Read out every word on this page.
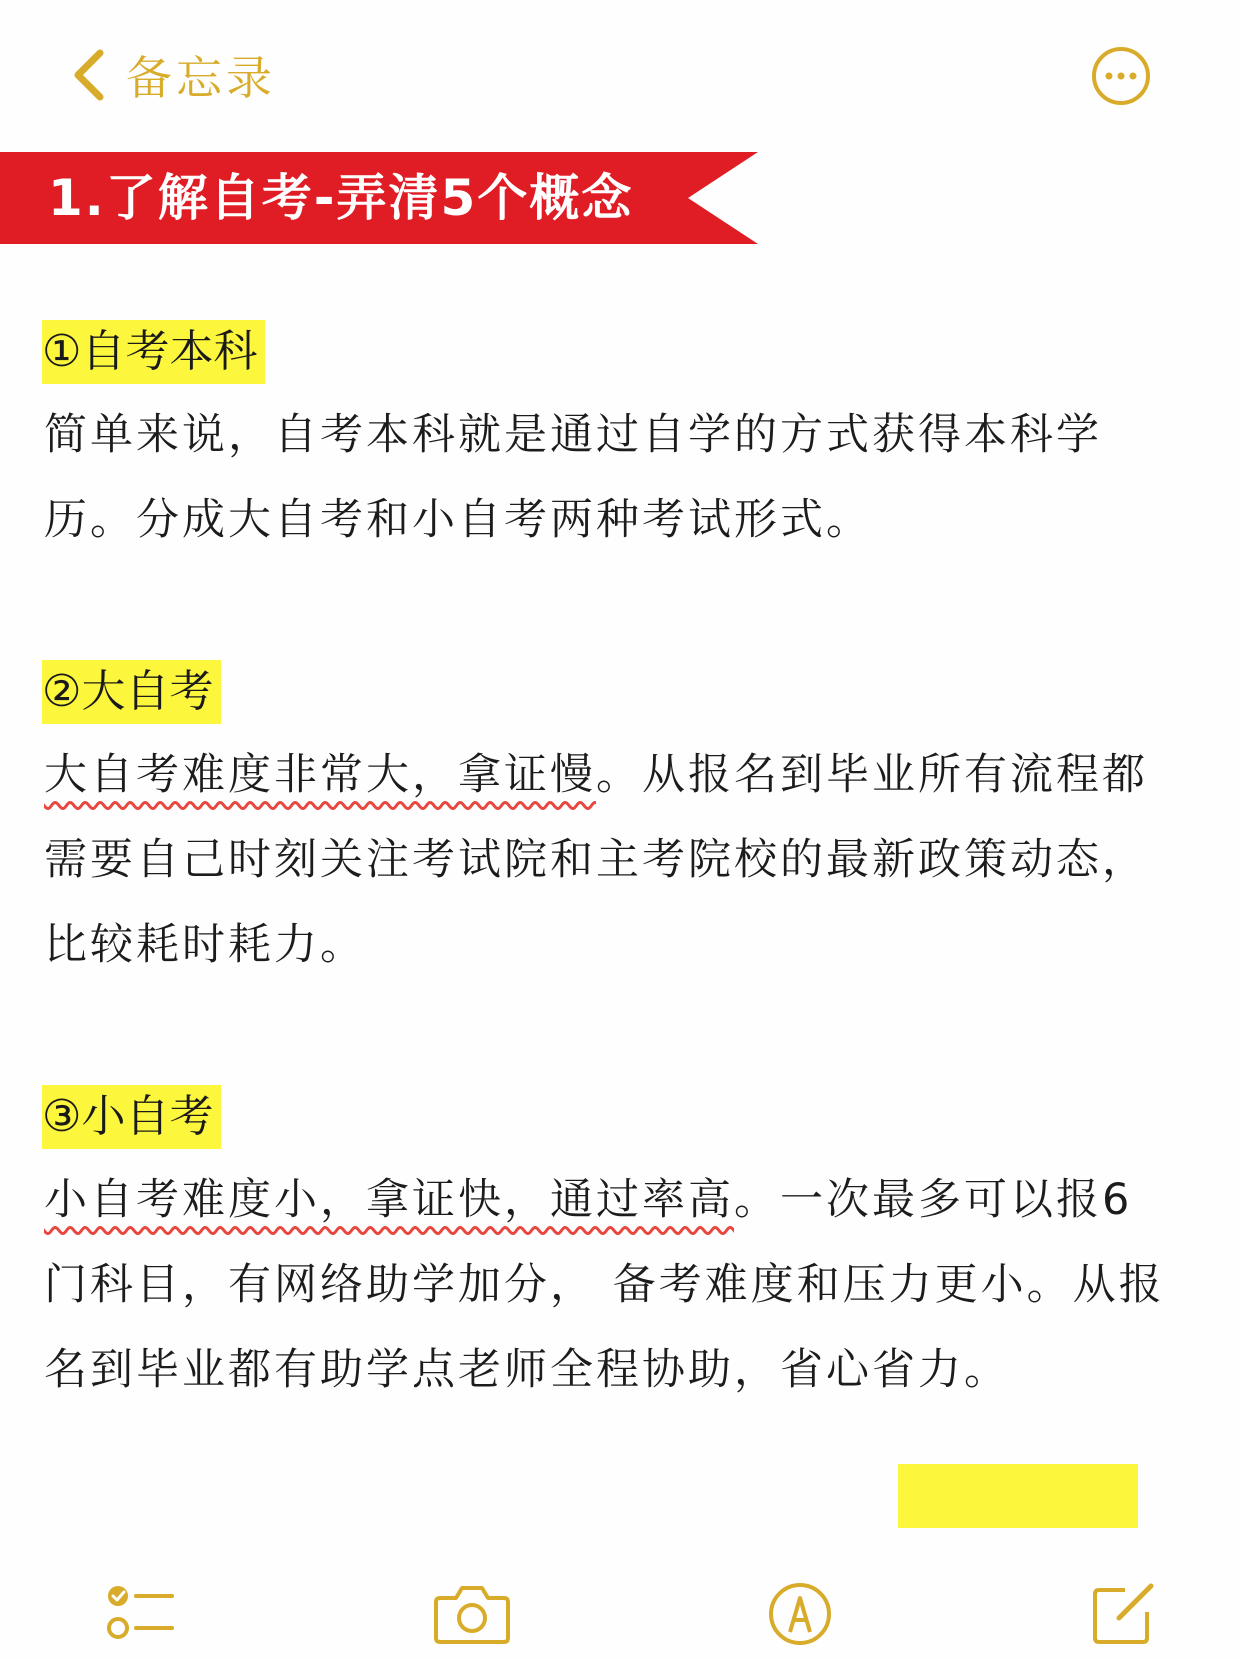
备忘录
1.了解自考-弄清5个概念
①自考本科
简单来说，自考本科就是通过自学的方式获得本科学
历。分成大自考和小自考两种考试形式。
②大自考
大自考难度非常大，拿证慢。从报名到毕业所有流程都
需要自己时刻关注考试院和主考院校的最新政策动态，
比较耗时耗力。
③小自考
小自考难度小，拿证快，通过率高。一次最多可以报6
门科目，有网络助学加分， 备考难度和压力更小。从报
名到毕业都有助学点老师全程协助，省心省力。
